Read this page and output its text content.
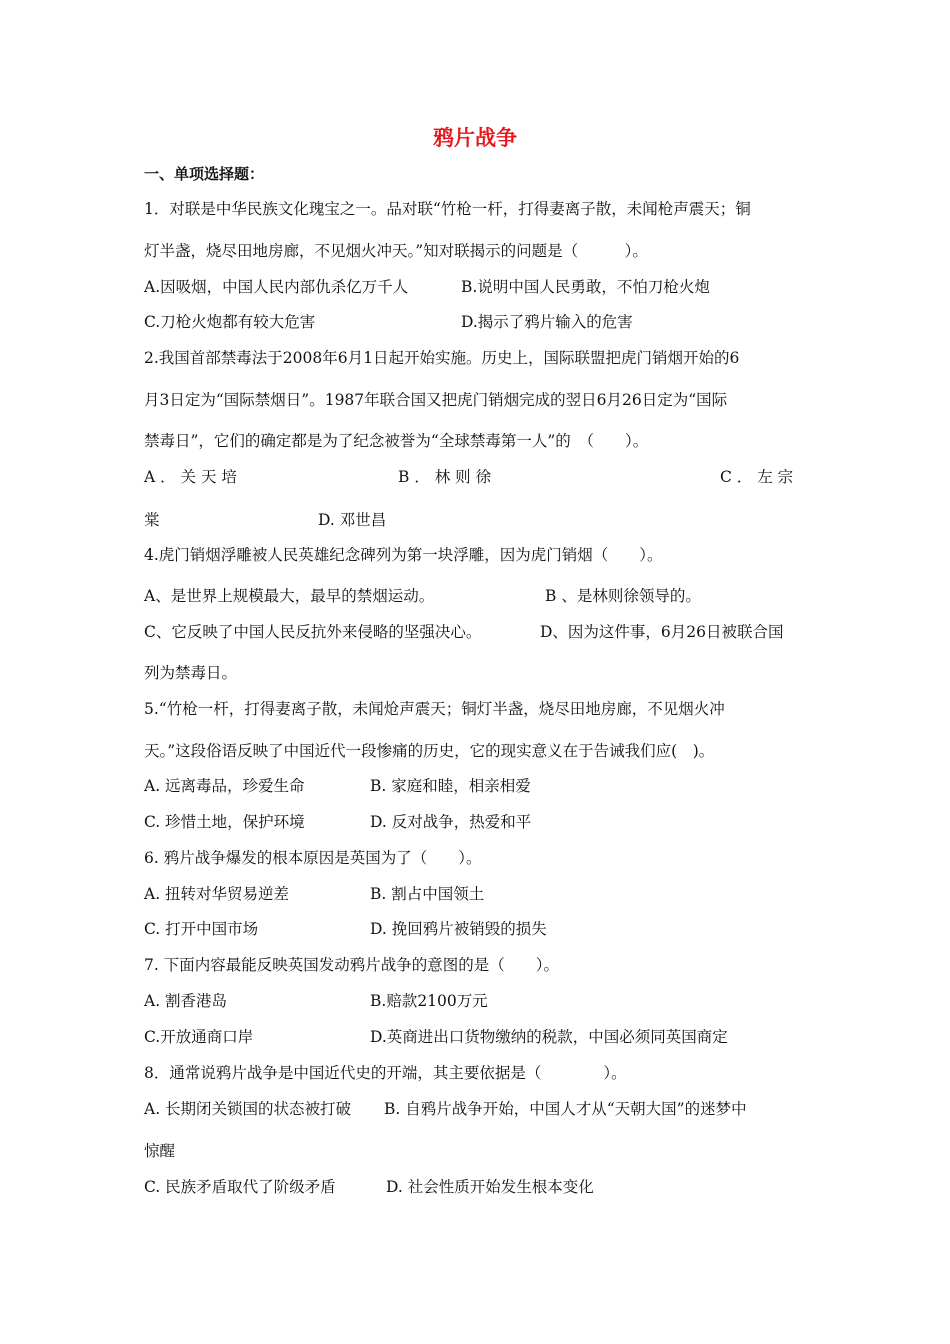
鸦片战争
一、单项选择题：
1．对联是中华民族文化瑰宝之一。品对联“竹枪一杆，打得妻离子散，未闻枪声震天；铜
灯半盏，烧尽田地房廊，不见烟火冲天。”知对联揭示的问题是（　　　）。
A.因吸烟，中国人民内部仇杀亿万千人	B.说明中国人民勇敢，不怕刀枪火炮
C.刀枪火炮都有较大危害	D.揭示了鸦片输入的危害
2.我国首部禁毒法于2008年6月1日起开始实施。历史上，国际联盟把虎门销烟开始的6
月3日定为“国际禁烟日”。1987年联合国又把虎门销烟完成的翌日6月26日定为“国际
禁毒日”，它们的确定都是为了纪念被誉为“全球禁毒第一人”的　（　　）。
A ． 关 天 培	B ． 林 则 徐	C ． 左 宗
棠	D. 邓世昌
4.虎门销烟浮雕被人民英雄纪念碑列为第一块浮雕，因为虎门销烟（　　）。
A、是世界上规模最大，最早的禁烟运动。	B 、是林则徐领导的。
C、它反映了中国人民反抗外来侵略的坚强决心。	D、因为这件事，6月26日被联合国
列为禁毒日。
5.“竹枪一杆，打得妻离子散，未闻炝声震天；铜灯半盏，烧尽田地房廊，不见烟火冲
天。”这段俗语反映了中国近代一段惨痛的历史，它的现实意义在于告诫我们应(　)。
A. 远离毒品，珍爱生命	B. 家庭和睦，相亲相爱
C. 珍惜土地，保护环境	D. 反对战争，热爱和平
6. 鸦片战争爆发的根本原因是英国为了（　　）。
A. 扭转对华贸易逆差	B. 割占中国领土
C. 打开中国市场	D. 挽回鸦片被销毁的损失
7. 下面内容最能反映英国发动鸦片战争的意图的是（　　）。
A. 割香港岛	B.赔款2100万元
C.开放通商口岸	D.英商进出口货物缴纳的税款，中国必须同英国商定
8．通常说鸦片战争是中国近代史的开端，其主要依据是（　　　　）。
A. 长期闭关锁国的状态被打破 B. 自鸦片战争开始，中国人才从“天朝大国”的迷梦中
惊醒
C. 民族矛盾取代了阶级矛盾	D. 社会性质开始发生根本变化
